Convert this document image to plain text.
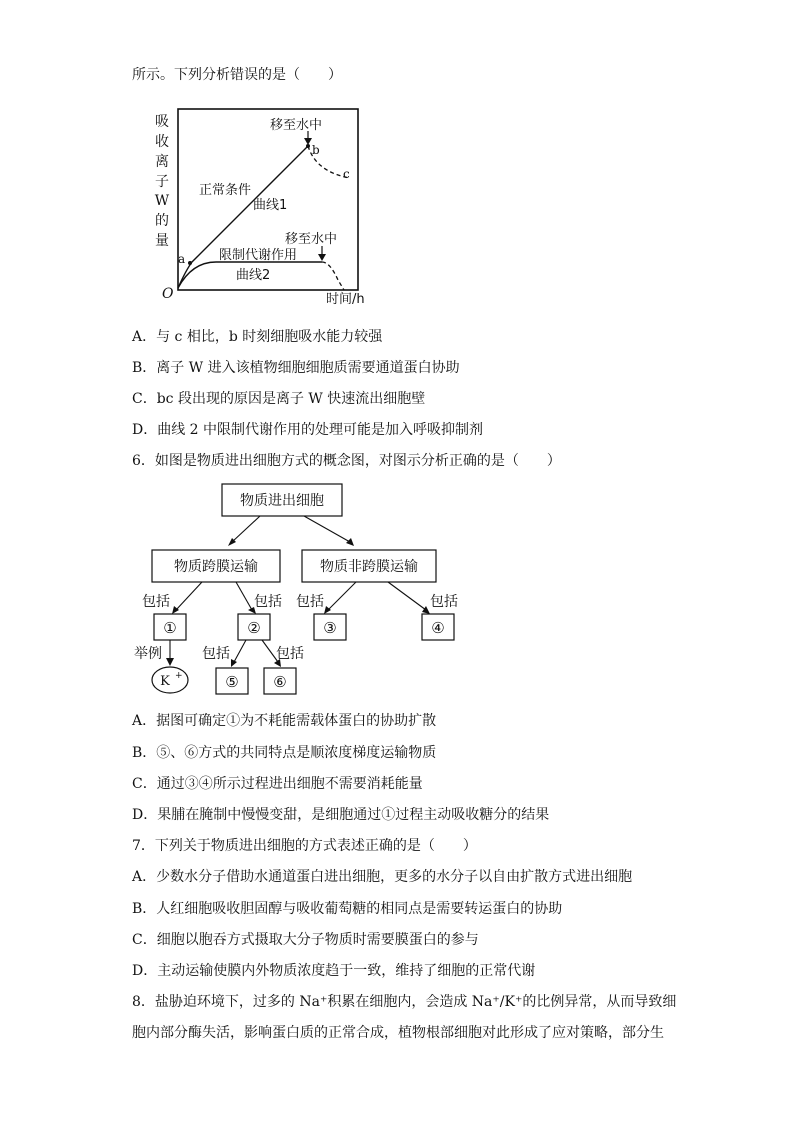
所示。下列分析错误的是（　　）
吸
收
离
子
W
的
量
O	时间/h
a
b
c
移至水中
正常条件
曲线1
移至水中
限制代谢作用
曲线2
A．与 c 相比，b 时刻细胞吸水能力较强
B．离子 W 进入该植物细胞细胞质需要通道蛋白协助
C．bc 段出现的原因是离子 W 快速流出细胞壁
D．曲线 2 中限制代谢作用的处理可能是加入呼吸抑制剂
6．如图是物质进出细胞方式的概念图，对图示分析正确的是（　　）
物质进出细胞
物质跨膜运输	物质非跨膜运输
包括	包括 包括	包括
①	②	③	④
举例
K +
包括	包括
⑤ ⑥
A．据图可确定①为不耗能需载体蛋白的协助扩散
B．⑤、⑥方式的共同特点是顺浓度梯度运输物质
C．通过③④所示过程进出细胞不需要消耗能量
D．果脯在腌制中慢慢变甜，是细胞通过①过程主动吸收糖分的结果
7．下列关于物质进出细胞的方式表述正确的是（　　）
A．少数水分子借助水通道蛋白进出细胞，更多的水分子以自由扩散方式进出细胞
B．人红细胞吸收胆固醇与吸收葡萄糖的相同点是需要转运蛋白的协助
C．细胞以胞吞方式摄取大分子物质时需要膜蛋白的参与
D．主动运输使膜内外物质浓度趋于一致，维持了细胞的正常代谢
8．盐胁迫环境下，过多的 Na⁺积累在细胞内，会造成 Na⁺/K⁺的比例异常，从而导致细
胞内部分酶失活，影响蛋白质的正常合成，植物根部细胞对此形成了应对策略，部分生
